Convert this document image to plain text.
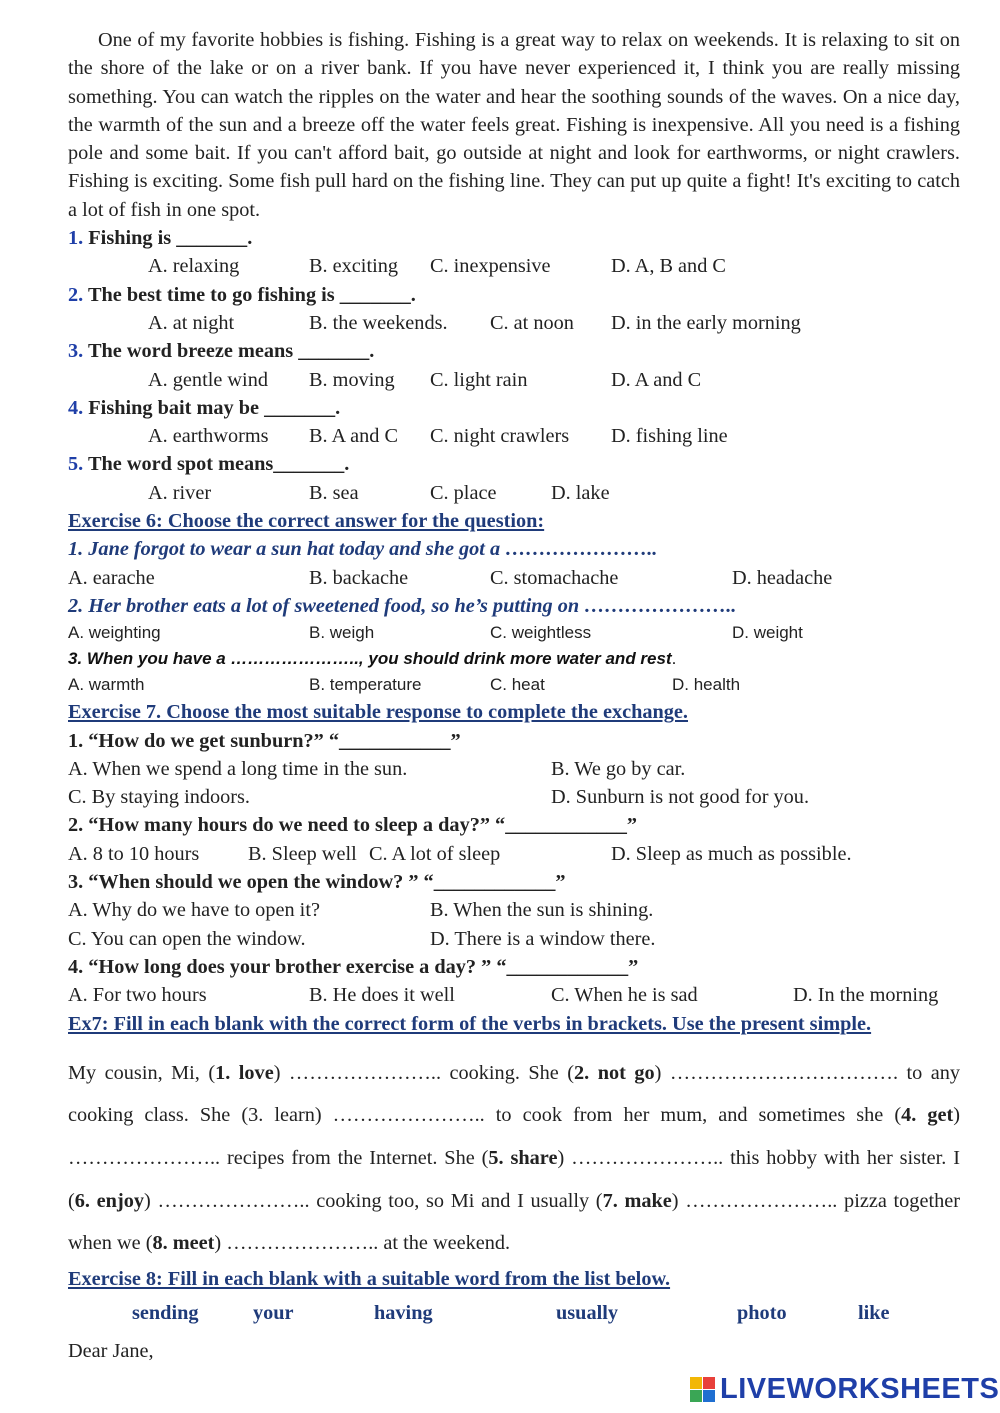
One of my favorite hobbies is fishing. Fishing is a great way to relax on weekends. It is relaxing to sit on the shore of the lake or on a river bank. If you have never experienced it, I think you are really missing something. You can watch the ripples on the water and hear the soothing sounds of the waves. On a nice day, the warmth of the sun and a breeze off the water feels great. Fishing is inexpensive. All you need is a fishing pole and some bait. If you can't afford bait, go outside at night and look for earthworms, or night crawlers. Fishing is exciting. Some fish pull hard on the fishing line. They can put up quite a fight! It's exciting to catch a lot of fish in one spot.

1. Fishing is _______.
A. relaxing	B. exciting C. inexpensive	D. A, B and C
2. The best time to go fishing is _______.
A. at night	B. the weekends. C. at noon D. in the early morning
3. The word breeze means _______.
A. gentle wind B. moving C. light rain	D. A and C
4. Fishing bait may be _______.
A. earthworms B. A and C C. night crawlers D. fishing line
5. The word spot means_______.
A. river	B. sea	C. place	D. lake
Exercise 6: Choose the correct answer for the question:
1. Jane forgot to wear a sun hat today and she got a …………………..
A. earache	B. backache	C. stomachache	D. headache
2. Her brother eats a lot of sweetened food, so he’s putting on …………………..
A. weighting	B. weigh	C. weightless	D. weight
3. When you have a ………………….., you should drink more water and rest.
A. warmth	B. temperature	C. heat	D. health
Exercise 7. Choose the most suitable response to complete the exchange.
1. “How do we get sunburn?” “___________”
A. When we spend a long time in the sun.	B. We go by car.
C. By staying indoors.	D. Sunburn is not good for you.
2. “How many hours do we need to sleep a day?” “____________”
A. 8 to 10 hours B. Sleep well C. A lot of sleep	D. Sleep as much as possible.
3. “When should we open the window? ” “____________”
A. Why do we have to open it?	B. When the sun is shining.
C. You can open the window.	D. There is a window there.
4. “How long does your brother exercise a day? ” “____________”
A. For two hours	B. He does it well	C. When he is sad	D. In the morning
Ex7: Fill in each blank with the correct form of the verbs in brackets. Use the present simple.

My cousin, Mi, (1. love) ………………….. cooking. She (2. not go) ……………………………. to any cooking class. She (3. learn) ………………….. to cook from her mum, and sometimes she (4. get) ………………….. recipes from the Internet. She (5. share) ………………….. this hobby with her sister. I (6. enjoy) ………………….. cooking too, so Mi and I usually (7. make) ………………….. pizza together when we (8. meet) ………………….. at the weekend.

Exercise 8: Fill in each blank with a suitable word from the list below.
sending	your	having	usually	photo	like
Dear Jane,
LIVEWORKSHEETS
